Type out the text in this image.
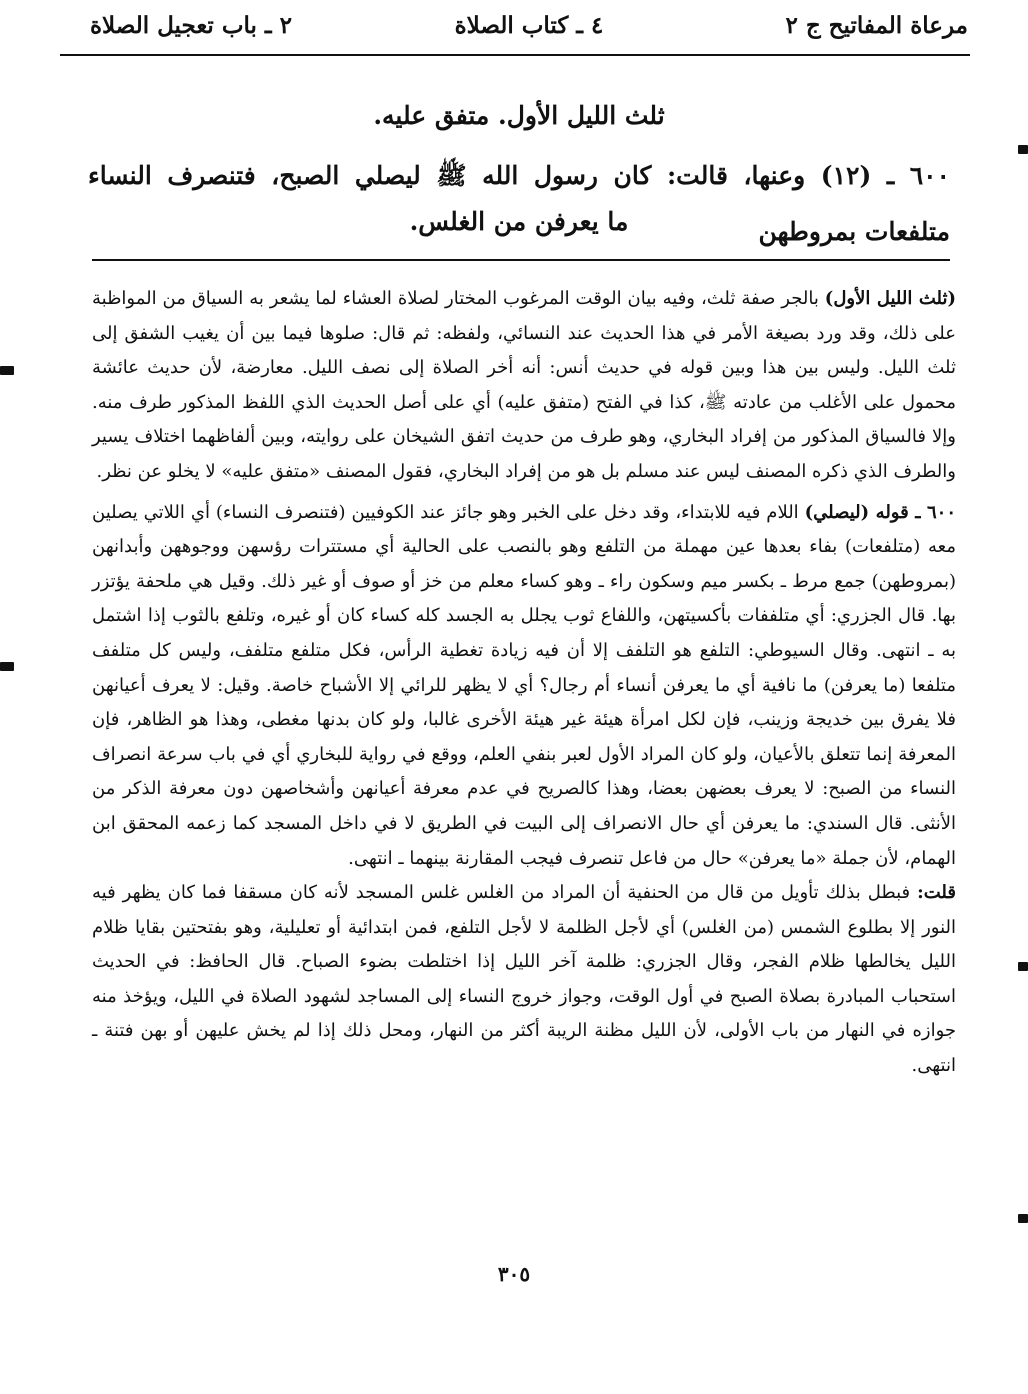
مرعاة المفاتيح ج ٢
٤ ـ كتاب الصلاة
٢ ـ باب تعجيل الصلاة
ثلث الليل الأول. متفق عليه.
٦٠٠ ـ (١٢) وعنها، قالت: كان رسول الله ﷺ ليصلي الصبح، فتنصرف النساء متلفعات بمروطهن
ما يعرفن من الغلس.

(ثلث الليل الأول) بالجر صفة ثلث، وفيه بيان الوقت المرغوب المختار لصلاة العشاء لما يشعر به السياق من المواظبة على ذلك، وقد ورد بصيغة الأمر في هذا الحديث عند النسائي، ولفظه: ثم قال: صلوها فيما بين أن يغيب الشفق إلى ثلث الليل. وليس بين هذا وبين قوله في حديث أنس: أنه أخر الصلاة إلى نصف الليل. معارضة، لأن حديث عائشة محمول على الأغلب من عادته ﷺ، كذا في الفتح (متفق عليه) أي على أصل الحديث الذي اللفظ المذكور طرف منه. وإلا فالسياق المذكور من إفراد البخاري، وهو طرف من حديث اتفق الشيخان على روايته، وبين ألفاظهما اختلاف يسير والطرف الذي ذكره المصنف ليس عند مسلم بل هو من إفراد البخاري، فقول المصنف «متفق عليه» لا يخلو عن نظر.

٦٠٠ ـ قوله (ليصلي) اللام فيه للابتداء، وقد دخل على الخبر وهو جائز عند الكوفيين (فتنصرف النساء) أي اللاتي يصلين معه (متلفعات) بفاء بعدها عين مهملة من التلفع وهو بالنصب على الحالية أي مستترات رؤسهن ووجوههن وأبدانهن (بمروطهن) جمع مرط ـ بكسر ميم وسكون راء ـ وهو كساء معلم من خز أو صوف أو غير ذلك. وقيل هي ملحفة يؤتزر بها. قال الجزري: أي متلففات بأكسيتهن، واللفاع ثوب يجلل به الجسد كله كساء كان أو غيره، وتلفع بالثوب إذا اشتمل به ـ انتهى. وقال السيوطي: التلفع هو التلفف إلا أن فيه زيادة تغطية الرأس، فكل متلفع متلفف، وليس كل متلفف متلفعا (ما يعرفن) ما نافية أي ما يعرفن أنساء أم رجال؟ أي لا يظهر للرائي إلا الأشباح خاصة. وقيل: لا يعرف أعيانهن فلا يفرق بين خديجة وزينب، فإن لكل امرأة هيئة غير هيئة الأخرى غالبا، ولو كان بدنها مغطى، وهذا هو الظاهر، فإن المعرفة إنما تتعلق بالأعيان، ولو كان المراد الأول لعبر بنفي العلم، ووقع في رواية للبخاري أي في باب سرعة انصراف النساء من الصبح: لا يعرف بعضهن بعضا، وهذا كالصريح في عدم معرفة أعيانهن وأشخاصهن دون معرفة الذكر من الأنثى. قال السندي: ما يعرفن أي حال الانصراف إلى البيت في الطريق لا في داخل المسجد كما زعمه المحقق ابن الهمام، لأن جملة «ما يعرفن» حال من فاعل تنصرف فيجب المقارنة بينهما ـ انتهى.

قلت: فبطل بذلك تأويل من قال من الحنفية أن المراد من الغلس غلس المسجد لأنه كان مسقفا فما كان يظهر فيه النور إلا بطلوع الشمس (من الغلس) أي لأجل الظلمة لا لأجل التلفع، فمن ابتدائية أو تعليلية، وهو بفتحتين بقايا ظلام الليل يخالطها ظلام الفجر، وقال الجزري: ظلمة آخر الليل إذا اختلطت بضوء الصباح. قال الحافظ: في الحديث استحباب المبادرة بصلاة الصبح في أول الوقت، وجواز خروج النساء إلى المساجد لشهود الصلاة في الليل، ويؤخذ منه جوازه في النهار من باب الأولى، لأن الليل مظنة الريبة أكثر من النهار، ومحل ذلك إذا لم يخش عليهن أو بهن فتنة ـ انتهى.

٣٠٥
